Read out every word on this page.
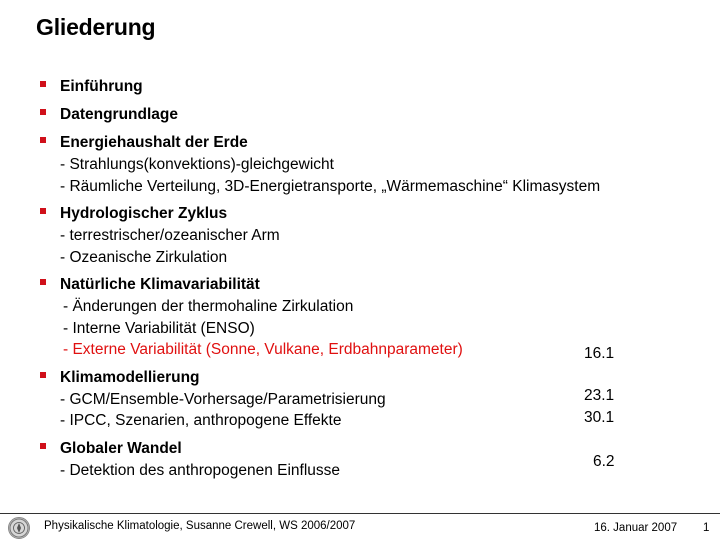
Gliederung
Einführung
Datengrundlage
Energiehaushalt der Erde
- Strahlungs(konvektions)-gleichgewicht
- Räumliche Verteilung, 3D-Energietransporte, „Wärmemaschine“ Klimasystem
Hydrologischer Zyklus
- terrestrischer/ozeanischer Arm
- Ozeanische Zirkulation
Natürliche Klimavariabilität
- Änderungen der thermohaline Zirkulation
- Interne Variabilität (ENSO)
- Externe Variabilität (Sonne, Vulkane, Erdbahnparameter)
Klimamodellierung
- GCM/Ensemble-Vorhersage/Parametrisierung
- IPCC, Szenarien, anthropogene Effekte
Globaler Wandel
- Detektion des anthropogenen Einflusse
16.1
23.1
30.1
6.2
Physikalische Klimatologie, Susanne Crewell, WS 2006/2007	16. Januar 2007 1
